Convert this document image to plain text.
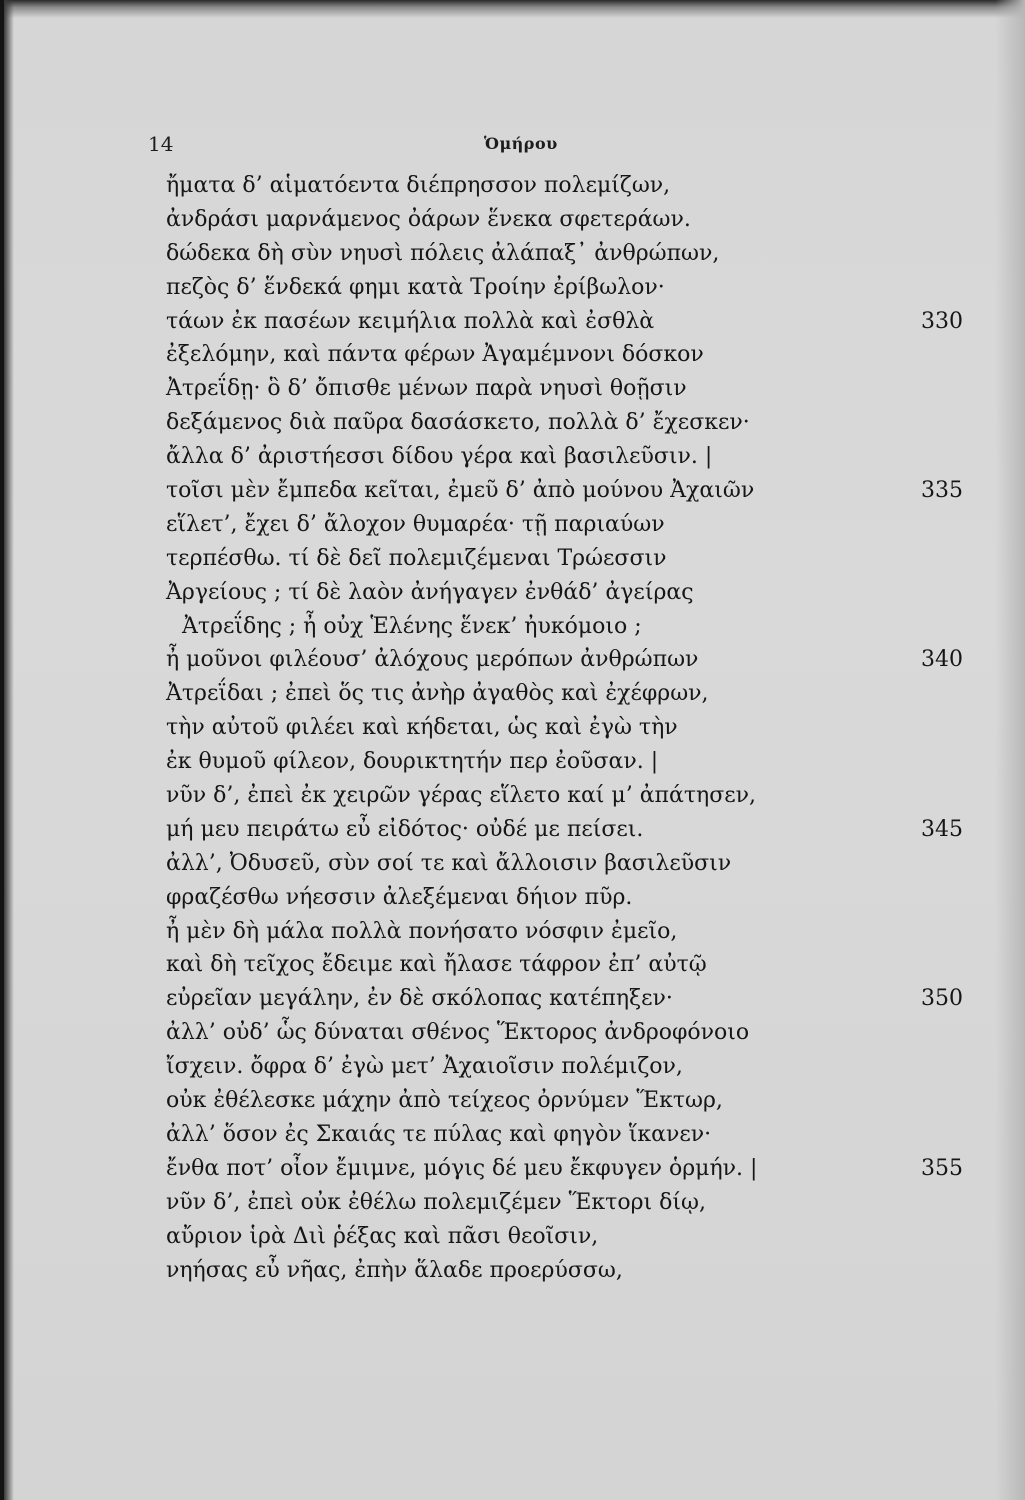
14	Ὁμήρου
ἤματα δ’ αἱματόεντα διέπρησσον πολεμίζων,
ἀνδράσι μαρνάμενος ὀάρων ἕνεκα σφετεράων.
δώδεκα δὴ σὺν νηυσὶ πόλεις ἀλάπαξ᾽ ἀνθρώπων,
πεζὸς δ’ ἕνδεκά φημι κατὰ Τροίην ἐρίβωλον·
τάων ἐκ πασέων κειμήλια πολλὰ καὶ ἐσθλὰ	330
ἐξελόμην, καὶ πάντα φέρων Ἀγαμέμνονι δόσκον
Ἀτρεΐδῃ· ὃ δ’ ὄπισθε μένων παρὰ νηυσὶ θοῇσιν
δεξάμενος διὰ παῦρα δασάσκετο, πολλὰ δ’ ἔχεσκεν·
ἄλλα δ’ ἀριστήεσσι δίδου γέρα καὶ βασιλεῦσιν. |
τοῖσι μὲν ἔμπεδα κεῖται, ἐμεῦ δ’ ἀπὸ μούνου Ἀχαιῶν	335
εἵλετ’, ἔχει δ’ ἄλοχον θυμαρέα· τῇ παριαύων
τερπέσθω. τί δὲ δεῖ πολεμιζέμεναι Τρώεσσιν
Ἀργείους ; τί δὲ λαὸν ἀνήγαγεν ἐνθάδ’ ἀγείρας
Ἀτρεΐδης ; ἦ οὐχ Ἑλένης ἕνεκ’ ἠυκόμοιο ;
ἦ μοῦνοι φιλέουσ’ ἀλόχους μερόπων ἀνθρώπων	340
Ἀτρεΐδαι ; ἐπεὶ ὅς τις ἀνὴρ ἀγαθὸς καὶ ἐχέφρων,
τὴν αὐτοῦ φιλέει καὶ κήδεται, ὡς καὶ ἐγὼ τὴν
ἐκ θυμοῦ φίλεον, δουρικτητήν περ ἐοῦσαν. |
νῦν δ’, ἐπεὶ ἐκ χειρῶν γέρας εἵλετο καί μ’ ἀπάτησεν,
μή μευ πειράτω εὖ εἰδότος· οὐδέ με πείσει.	345
ἀλλ’, Ὀδυσεῦ, σὺν σοί τε καὶ ἄλλοισιν βασιλεῦσιν
φραζέσθω νήεσσιν ἀλεξέμεναι δήιον πῦρ.
ἦ μὲν δὴ μάλα πολλὰ πονήσατο νόσφιν ἐμεῖο,
καὶ δὴ τεῖχος ἔδειμε καὶ ἤλασε τάφρον ἐπ’ αὐτῷ
εὐρεῖαν μεγάλην, ἐν δὲ σκόλοπας κατέπηξεν·	350
ἀλλ’ οὐδ’ ὧς δύναται σθένος Ἕκτορος ἀνδροφόνοιο
ἴσχειν. ὄφρα δ’ ἐγὼ μετ’ Ἀχαιοῖσιν πολέμιζον,
οὐκ ἐθέλεσκε μάχην ἀπὸ τείχεος ὀρνύμεν Ἕκτωρ,
ἀλλ’ ὅσον ἐς Σκαιάς τε πύλας καὶ φηγὸν ἵκανεν·
ἔνθα ποτ’ οἶον ἔμιμνε, μόγις δέ μευ ἔκφυγεν ὁρμήν. |	355
νῦν δ’, ἐπεὶ οὐκ ἐθέλω πολεμιζέμεν Ἕκτορι δίῳ,
αὔριον ἱρὰ Διὶ ῥέξας καὶ πᾶσι θεοῖσιν,
νηήσας εὖ νῆας, ἐπὴν ἅλαδε προερύσσω,
